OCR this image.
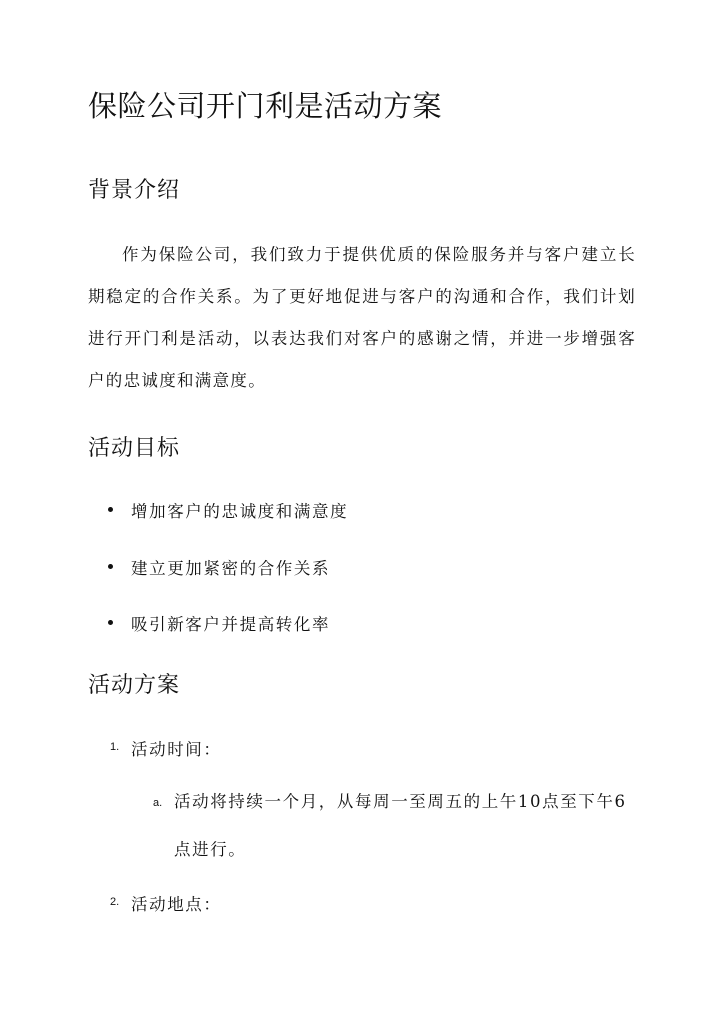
保险公司开门利是活动方案
背景介绍

作为保险公司，我们致力于提供优质的保险服务并与客户建立长期稳定的合作关系。为了更好地促进与客户的沟通和合作，我们计划进行开门利是活动，以表达我们对客户的感谢之情，并进一步增强客户的忠诚度和满意度。

活动目标
增加客户的忠诚度和满意度
建立更加紧密的合作关系
吸引新客户并提高转化率
活动方案
1. 活动时间：
a. 活动将持续一个月，从每周一至周五的上午10点至下午6点进行。

2. 活动地点：
